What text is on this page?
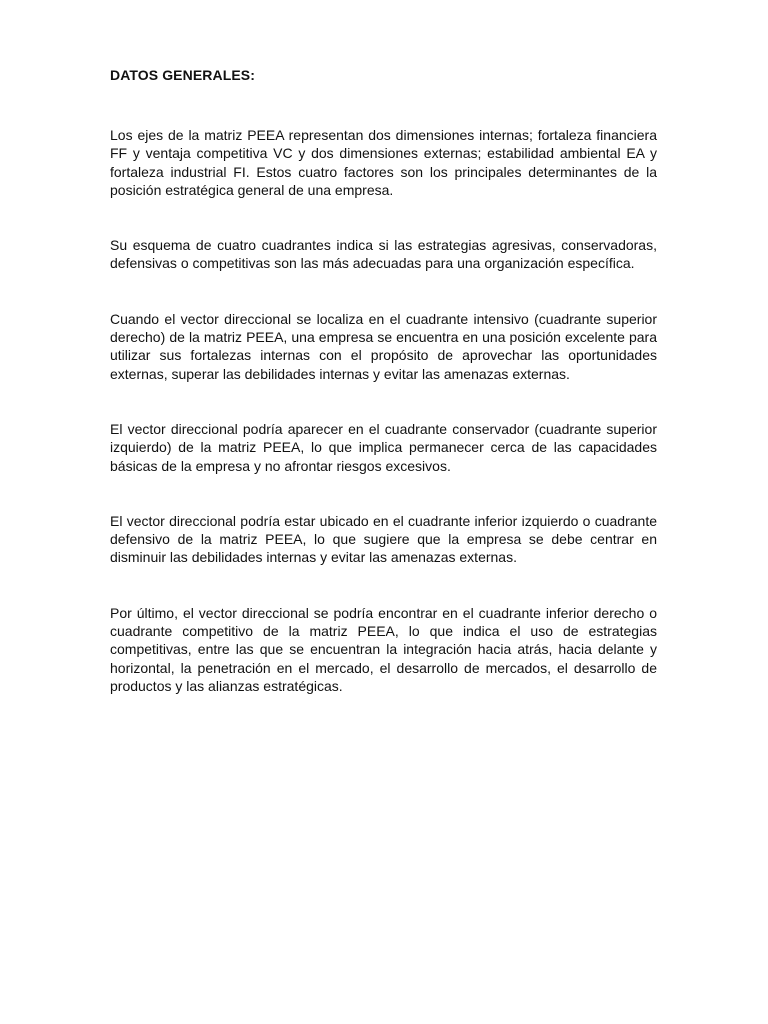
DATOS GENERALES:

Los ejes de la matriz PEEA representan dos dimensiones internas; fortaleza financiera FF y ventaja competitiva VC y dos dimensiones externas; estabilidad ambiental EA y fortaleza industrial FI. Estos cuatro factores son los principales determinantes de la posición estratégica general de una empresa.

Su esquema de cuatro cuadrantes indica si las estrategias agresivas, conservadoras, defensivas o competitivas son las más adecuadas para una organización específica.

Cuando el vector direccional se localiza en el cuadrante intensivo (cuadrante superior derecho) de la matriz PEEA, una empresa se encuentra en una posición excelente para utilizar sus fortalezas internas con el propósito de aprovechar las oportunidades externas, superar las debilidades internas y evitar las amenazas externas.

El vector direccional podría aparecer en el cuadrante conservador (cuadrante superior izquierdo) de la matriz PEEA, lo que implica permanecer cerca de las capacidades básicas de la empresa y no afrontar riesgos excesivos.

El vector direccional podría estar ubicado en el cuadrante inferior izquierdo o cuadrante defensivo de la matriz PEEA, lo que sugiere que la empresa se debe centrar en disminuir las debilidades internas y evitar las amenazas externas.

Por último, el vector direccional se podría encontrar en el cuadrante inferior derecho o cuadrante competitivo de la matriz PEEA, lo que indica el uso de estrategias competitivas, entre las que se encuentran la integración hacia atrás, hacia delante y horizontal, la penetración en el mercado, el desarrollo de mercados, el desarrollo de productos y las alianzas estratégicas.
